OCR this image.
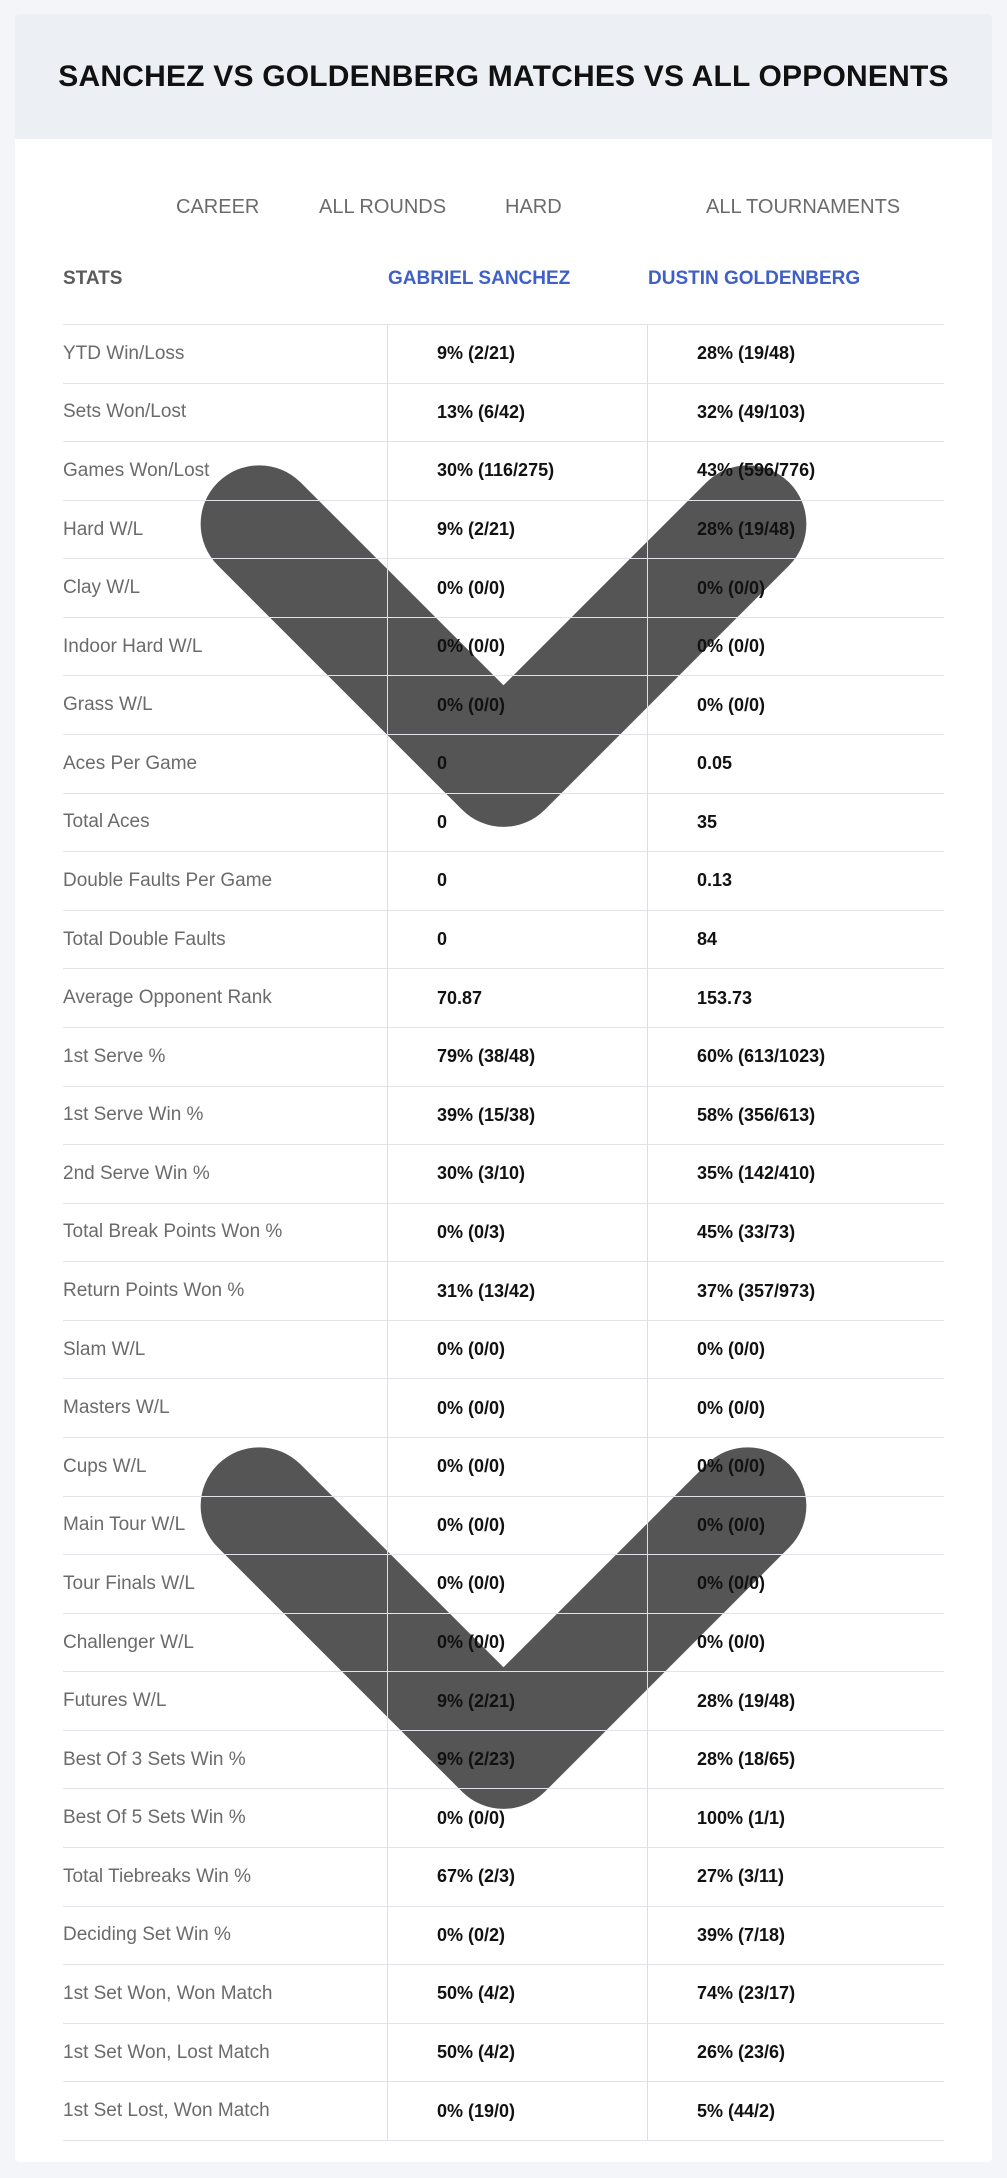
SANCHEZ VS GOLDENBERG MATCHES VS ALL OPPONENTS
CAREER
	ALL ROUNDS
	HARD
	ALL TOURNAMENTS
STATS	GABRIEL SANCHEZ	DUSTIN GOLDENBERG
YTD Win/Loss	9% (2/21)	28% (19/48)
Sets Won/Lost	13% (6/42)	32% (49/103)
Games Won/Lost	30% (116/275)	43% (596/776)
Hard W/L	9% (2/21)	28% (19/48)
Clay W/L	0% (0/0)	0% (0/0)
Indoor Hard W/L	0% (0/0)	0% (0/0)
Grass W/L	0% (0/0)	0% (0/0)
Aces Per Game	0	0.05
Total Aces	0	35
Double Faults Per Game	0	0.13
Total Double Faults	0	84
Average Opponent Rank	70.87	153.73
1st Serve %	79% (38/48)	60% (613/1023)
1st Serve Win %	39% (15/38)	58% (356/613)
2nd Serve Win %	30% (3/10)	35% (142/410)
Total Break Points Won %	0% (0/3)	45% (33/73)
Return Points Won %	31% (13/42)	37% (357/973)
Slam W/L	0% (0/0)	0% (0/0)
Masters W/L	0% (0/0)	0% (0/0)
Cups W/L	0% (0/0)	0% (0/0)
Main Tour W/L	0% (0/0)	0% (0/0)
Tour Finals W/L	0% (0/0)	0% (0/0)
Challenger W/L	0% (0/0)	0% (0/0)
Futures W/L	9% (2/21)	28% (19/48)
Best Of 3 Sets Win %	9% (2/23)	28% (18/65)
Best Of 5 Sets Win %	0% (0/0)	100% (1/1)
Total Tiebreaks Win %	67% (2/3)	27% (3/11)
Deciding Set Win %	0% (0/2)	39% (7/18)
1st Set Won, Won Match	50% (4/2)	74% (23/17)
1st Set Won, Lost Match	50% (4/2)	26% (23/6)
1st Set Lost, Won Match	0% (19/0)	5% (44/2)
